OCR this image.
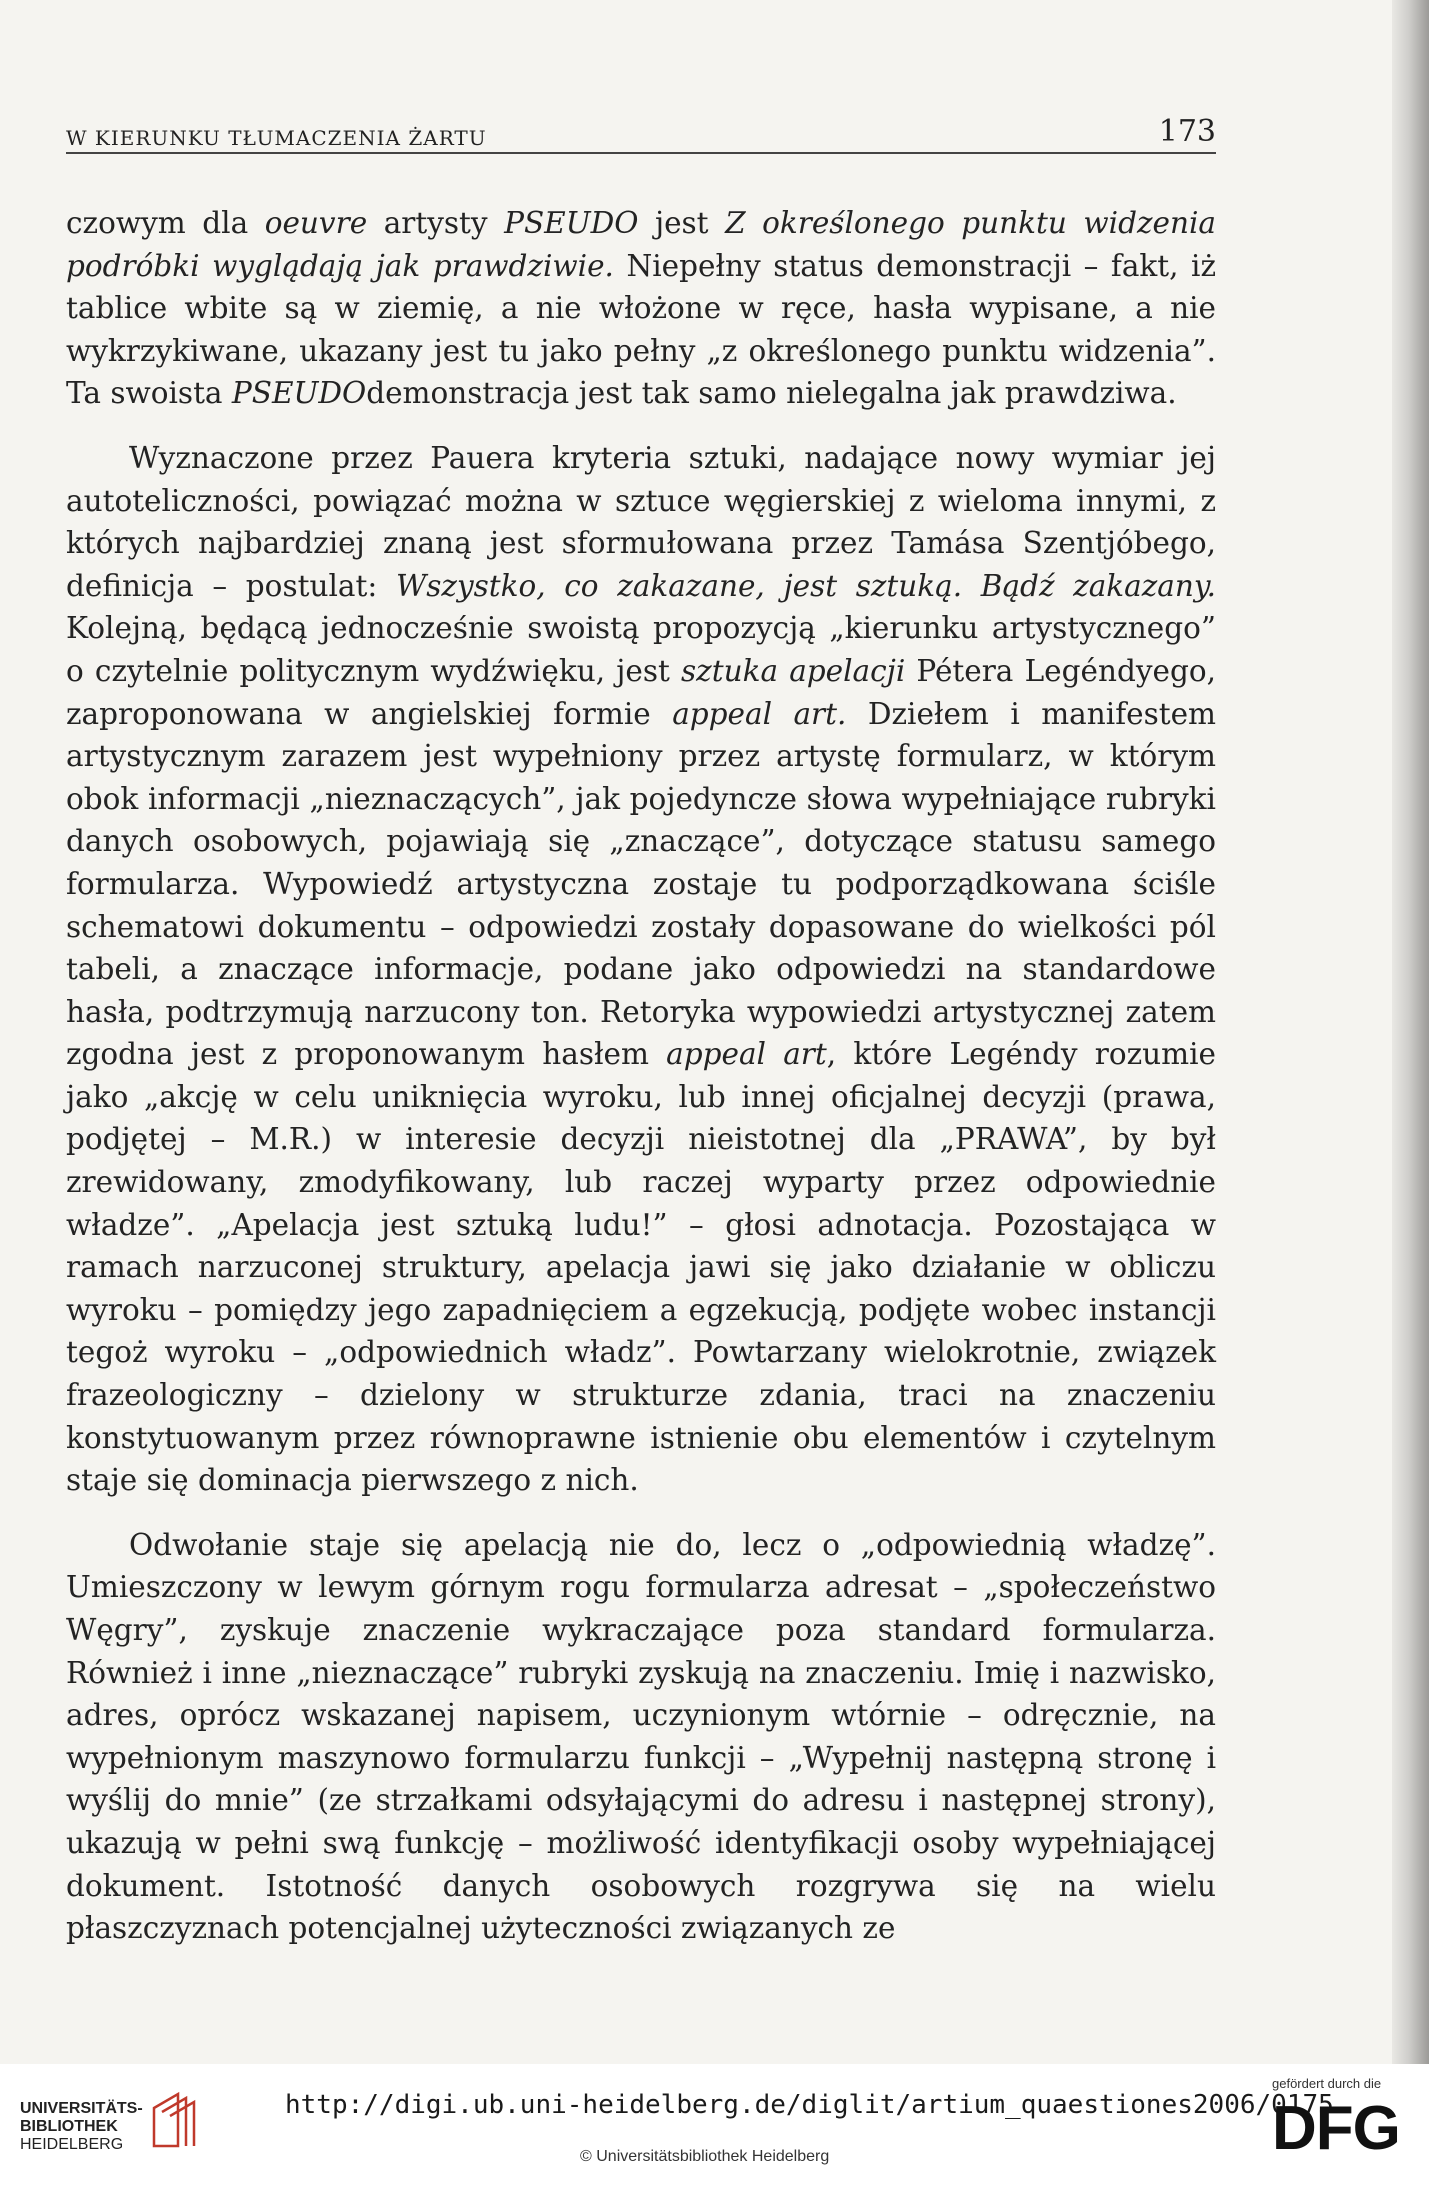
W KIERUNKU TŁUMACZENIA ŻARTU	173

czowym dla oeuvre artysty PSEUDO jest Z określonego punktu widzenia podróbki wyglądają jak prawdziwie. Niepełny status demonstracji – fakt, iż tablice wbite są w ziemię, a nie włożone w ręce, hasła wypisane, a nie wykrzykiwane, ukazany jest tu jako pełny „z określonego punktu widzenia”. Ta swoista PSEUDOdemonstracja jest tak samo nielegalna jak prawdziwa.

Wyznaczone przez Pauera kryteria sztuki, nadające nowy wymiar jej autoteliczności, powiązać można w sztuce węgierskiej z wieloma innymi, z których najbardziej znaną jest sformułowana przez Tamása Szentjóbego, definicja – postulat: Wszystko, co zakazane, jest sztuką. Bądź zakazany. Kolejną, będącą jednocześnie swoistą propozycją „kierunku artystycznego” o czytelnie politycznym wydźwięku, jest sztuka apelacji Pétera Legéndyego, zaproponowana w angielskiej formie appeal art. Dziełem i manifestem artystycznym zarazem jest wypełniony przez artystę formularz, w którym obok informacji „nieznaczących”, jak pojedyncze słowa wypełniające rubryki danych osobowych, pojawiają się „znaczące”, dotyczące statusu samego formularza. Wypowiedź artystyczna zostaje tu podporządkowana ściśle schematowi dokumentu – odpowiedzi zostały dopasowane do wielkości pól tabeli, a znaczące informacje, podane jako odpowiedzi na standardowe hasła, podtrzymują narzucony ton. Retoryka wypowiedzi artystycznej zatem zgodna jest z proponowanym hasłem appeal art, które Legéndy rozumie jako „akcję w celu uniknięcia wyroku, lub innej oficjalnej decyzji (prawa, podjętej – M.R.) w interesie decyzji nieistotnej dla „PRAWA”, by był zrewidowany, zmodyfikowany, lub raczej wyparty przez odpowiednie władze”. „Apelacja jest sztuką ludu!” – głosi adnotacja. Pozostająca w ramach narzuconej struktury, apelacja jawi się jako działanie w obliczu wyroku – pomiędzy jego zapadnięciem a egzekucją, podjęte wobec instancji tegoż wyroku – „odpowiednich władz”. Powtarzany wielokrotnie, związek frazeologiczny – dzielony w strukturze zdania, traci na znaczeniu konstytuowanym przez równoprawne istnienie obu elementów i czytelnym staje się dominacja pierwszego z nich.

Odwołanie staje się apelacją nie do, lecz o „odpowiednią władzę”. Umieszczony w lewym górnym rogu formularza adresat – „społeczeństwo Węgry”, zyskuje znaczenie wykraczające poza standard formularza. Również i inne „nieznaczące” rubryki zyskują na znaczeniu. Imię i nazwisko, adres, oprócz wskazanej napisem, uczynionym wtórnie – odręcznie, na wypełnionym maszynowo formularzu funkcji – „Wypełnij następną stronę i wyślij do mnie” (ze strzałkami odsyłającymi do adresu i następnej strony), ukazują w pełni swą funkcję – możliwość identyfikacji osoby wypełniającej dokument. Istotność danych osobowych rozgrywa się na wielu płaszczyznach potencjalnej użyteczności związanych ze

UNIVERSITÄTS-
BIBLIOTHEK
HEIDELBERG
http://digi.ub.uni-heidelberg.de/diglit/artium_quaestiones2006/0175
© Universitätsbibliothek Heidelberg
gefördert durch die
DFG
